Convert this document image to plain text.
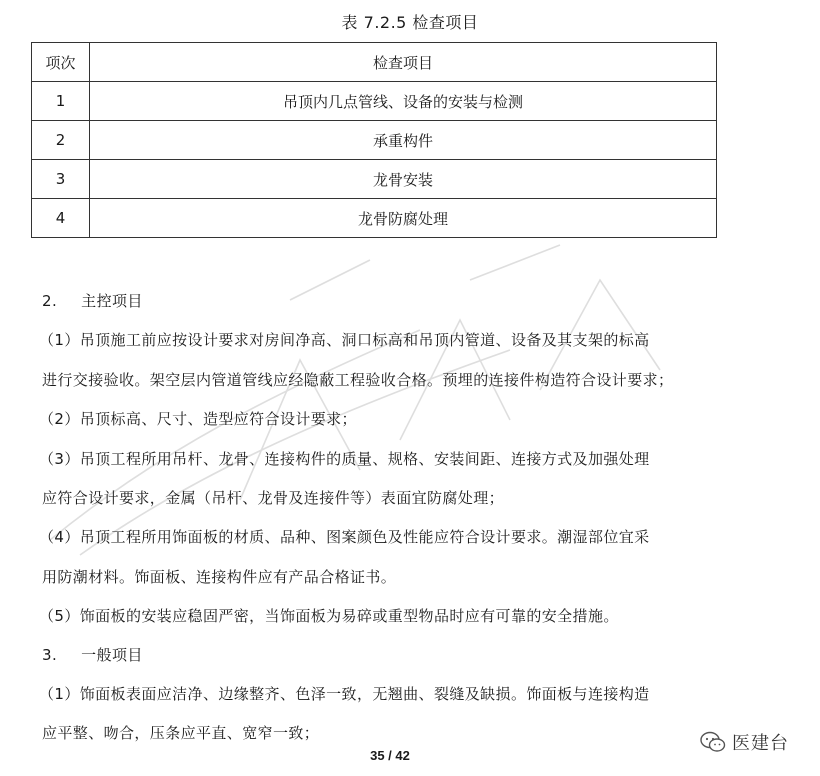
表 7.2.5 检查项目
项次	检查项目
1	吊顶内几点管线、设备的安装与检测
2	承重构件
3	龙骨安装
4	龙骨防腐处理
2. 主控项目
（1）吊顶施工前应按设计要求对房间净高、洞口标高和吊顶内管道、设备及其支架的标高
进行交接验收。架空层内管道管线应经隐蔽工程验收合格。预埋的连接件构造符合设计要求；
（2）吊顶标高、尺寸、造型应符合设计要求；
（3）吊顶工程所用吊杆、龙骨、连接构件的质量、规格、安装间距、连接方式及加强处理
应符合设计要求，金属（吊杆、龙骨及连接件等）表面宜防腐处理；
（4）吊顶工程所用饰面板的材质、品种、图案颜色及性能应符合设计要求。潮湿部位宜采
用防潮材料。饰面板、连接构件应有产品合格证书。
（5）饰面板的安装应稳固严密，当饰面板为易碎或重型物品时应有可靠的安全措施。
3. 一般项目
（1）饰面板表面应洁净、边缘整齐、色泽一致，无翘曲、裂缝及缺损。饰面板与连接构造
应平整、吻合，压条应平直、宽窄一致；
35 / 42
医建台
